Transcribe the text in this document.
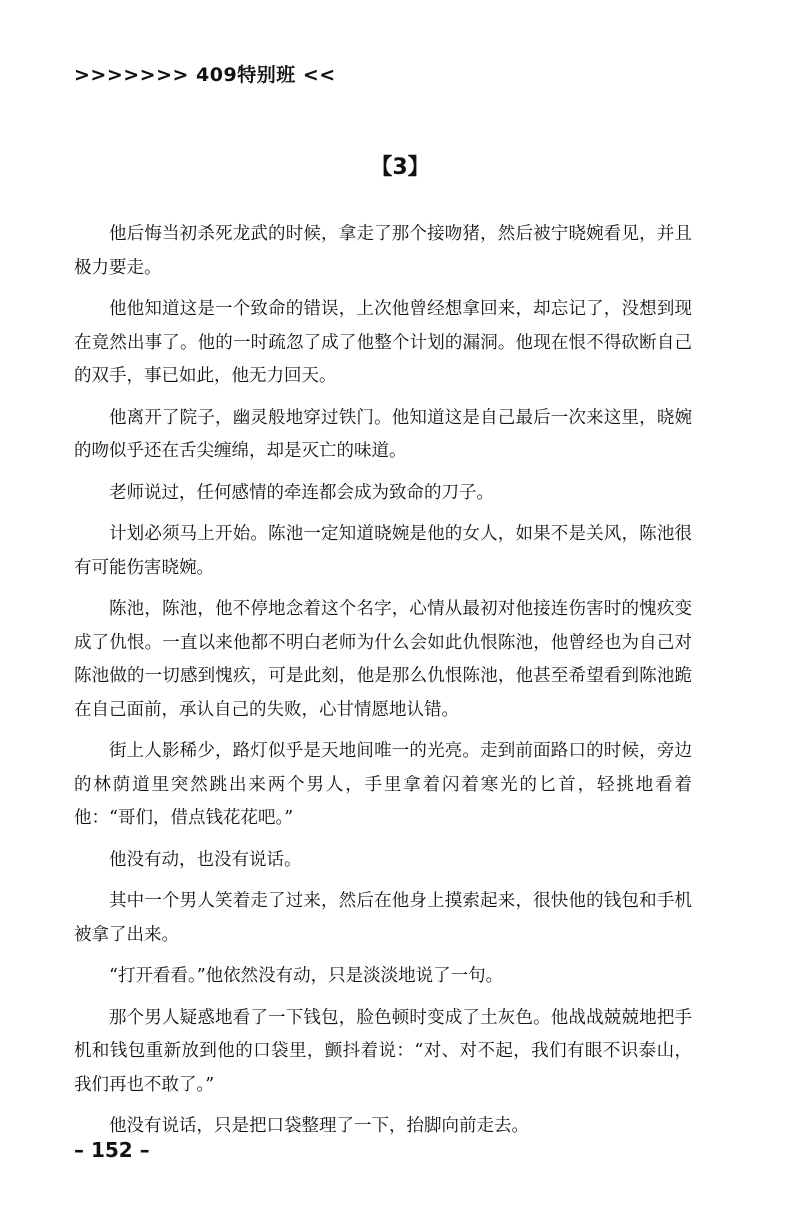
>>>>>>> 409特别班 <<
【3】

他后悔当初杀死龙武的时候，拿走了那个接吻猪，然后被宁晓婉看见，并且极力要走。

他他知道这是一个致命的错误，上次他曾经想拿回来，却忘记了，没想到现在竟然出事了。他的一时疏忽了成了他整个计划的漏洞。他现在恨不得砍断自己的双手，事已如此，他无力回天。

他离开了院子，幽灵般地穿过铁门。他知道这是自己最后一次来这里，晓婉的吻似乎还在舌尖缠绵，却是灭亡的味道。

老师说过，任何感情的牵连都会成为致命的刀子。

计划必须马上开始。陈池一定知道晓婉是他的女人，如果不是关风，陈池很有可能伤害晓婉。

陈池，陈池，他不停地念着这个名字，心情从最初对他接连伤害时的愧疚变成了仇恨。一直以来他都不明白老师为什么会如此仇恨陈池，他曾经也为自己对陈池做的一切感到愧疚，可是此刻，他是那么仇恨陈池，他甚至希望看到陈池跪在自己面前，承认自己的失败，心甘情愿地认错。

街上人影稀少，路灯似乎是天地间唯一的光亮。走到前面路口的时候，旁边的林荫道里突然跳出来两个男人，手里拿着闪着寒光的匕首，轻挑地看着他：“哥们，借点钱花花吧。”

他没有动，也没有说话。

其中一个男人笑着走了过来，然后在他身上摸索起来，很快他的钱包和手机被拿了出来。

“打开看看。”他依然没有动，只是淡淡地说了一句。

那个男人疑惑地看了一下钱包，脸色顿时变成了土灰色。他战战兢兢地把手机和钱包重新放到他的口袋里，颤抖着说：“对、对不起，我们有眼不识泰山，我们再也不敢了。”

他没有说话，只是把口袋整理了一下，抬脚向前走去。

– 152 –
